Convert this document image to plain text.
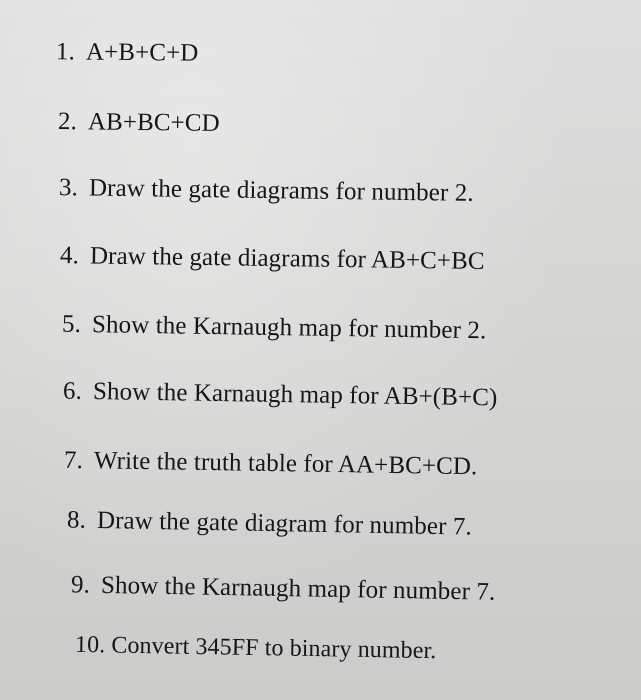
1. A+B+C+D
2. AB+BC+CD
3. Draw the gate diagrams for number 2.
4. Draw the gate diagrams for AB+C+BC
5. Show the Karnaugh map for number 2.
6. Show the Karnaugh map for AB+(B+C)
7. Write the truth table for AA+BC+CD.
8. Draw the gate diagram for number 7.
9. Show the Karnaugh map for number 7.
10. Convert 345FF to binary number.
